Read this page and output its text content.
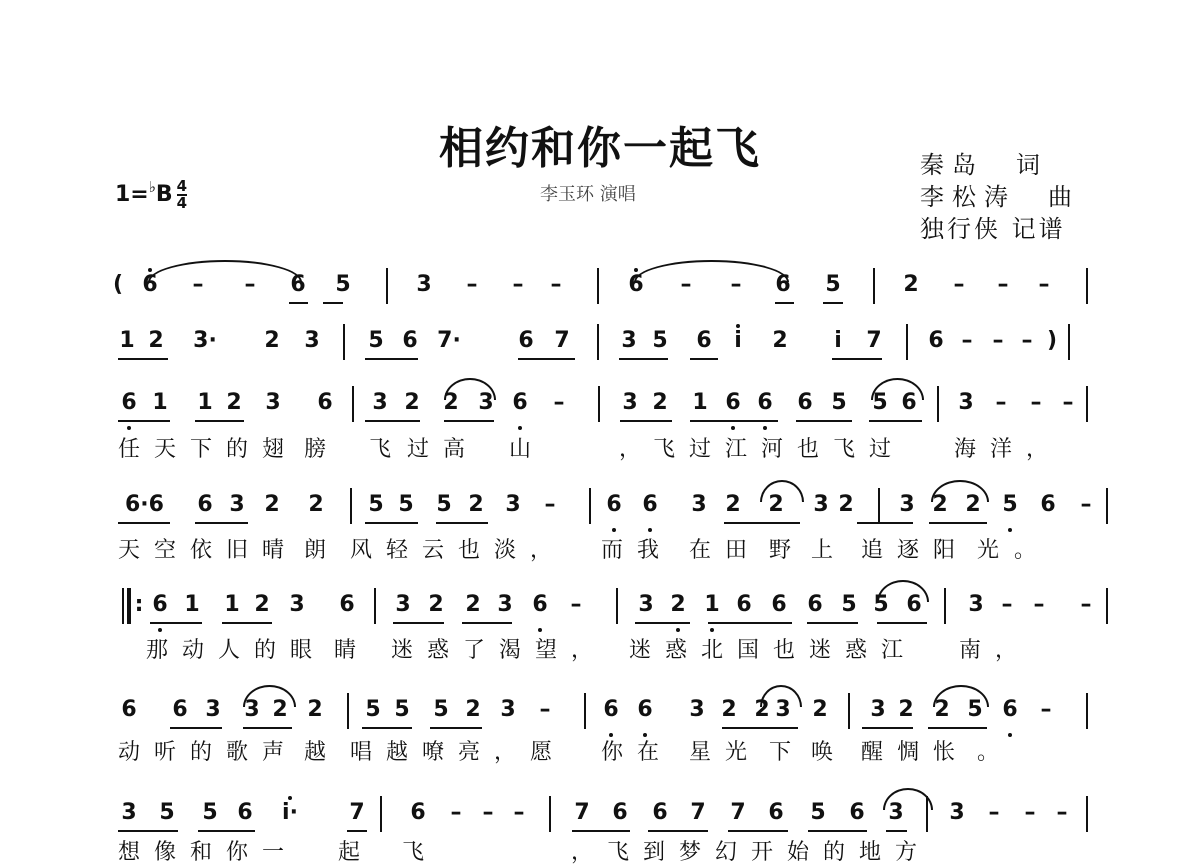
相约和你一起飞
李玉环 演唱
秦岛　词
李松涛　曲
独行侠 记谱
$1=^♭B \frac{4}{4}$
( 6 – – 6 5	3 – – –	6 – – 6 5	2 – – –
1 2 3· 2 3 5 6 7·	6 7 3 5 6	i	2	i	7 6 – – – )
6 1 1 2 3 6 3 2 2 3 6 –	3 2 1 6 6 6 5 5 6 3 – – –
任 天 下 的 翅 膀 飞 过 高 山	， 飞 过 江 河 也 飞 过	海 洋 ，
6·6 6 3 2 2 5 5 5 2 3 – 6 6 3 2 2 3 2 3 2 2 5 6 –
天 空 依 旧 晴 朗 风 轻 云 也 淡 ， 而 我 在 田 野 上 追 逐 阳 光 。
: 6 1 1 2 3 6 3 2 2 3 6 –	3 2 1 6 6 6 5 5 6 3 – – –
那 动 人 的 眼 睛 迷 惑 了 渴 望 ， 迷 惑 北 国 也 迷 惑 江	南 ，
6 6 3 3 2 2 5 5 5 2 3 – 6 6 3 2 2 3 2 3 2 2 5 6 –
动 听 的 歌 声 越 唱 越 嘹 亮 ， 愿 你 在 星 光 下 唤 醒 惆 怅 。
3 5 5 6	i·	7 6 – – – 7 6 6 7 7 6 5 6 3 3 – – –
想 像 和 你 一 起 飞	， 飞 到 梦 幻 开 始 的 地 方
